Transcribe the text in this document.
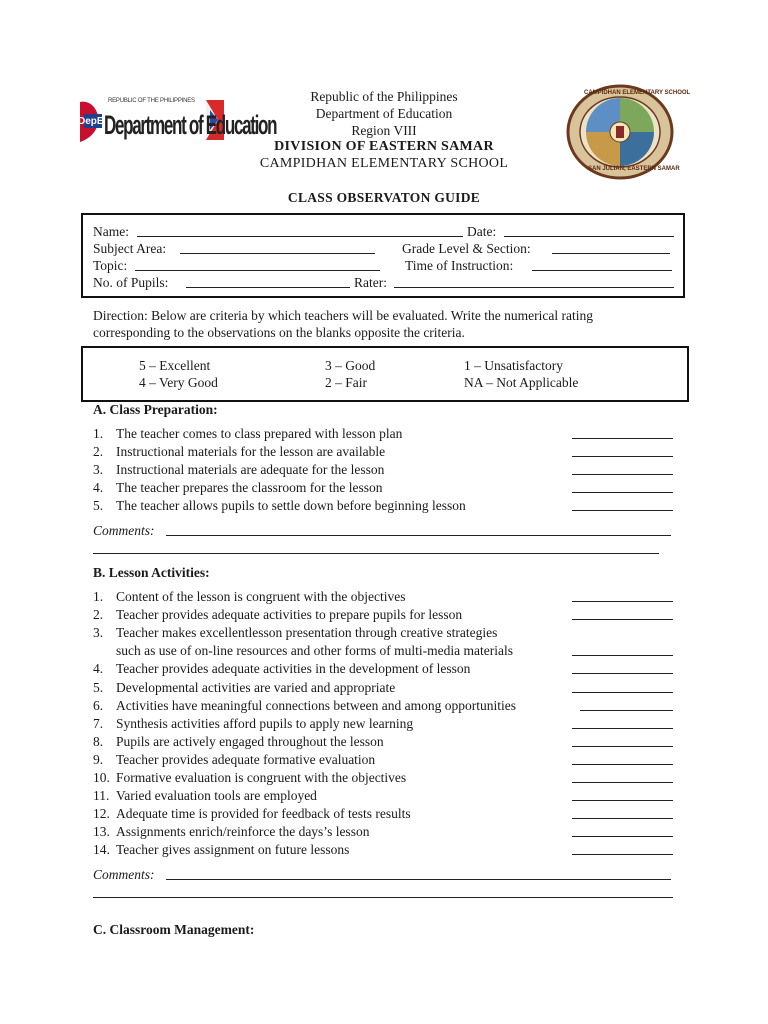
DepED
REPUBLIC OF THE PHILIPPINES
Department of Education
CAMPIDHAN ELEMENTARY SCHOOL
SAN JULIAN, EASTERN SAMAR
Republic of the Philippines
Department of Education
Region VIII
DIVISION OF EASTERN SAMAR
CAMPIDHAN ELEMENTARY SCHOOL
CLASS OBSERVATON GUIDE
Name:	Date:
Subject Area:	Grade Level & Section:
Topic:	Time of Instruction:
No. of Pupils:	Rater:
Direction: Below are criteria by which teachers will be evaluated. Write the numerical rating
corresponding to the observations on the blanks opposite the criteria.
5 – Excellent	3 – Good	1 – Unsatisfactory
4 – Very Good	2 – Fair	NA – Not Applicable
A. Class Preparation:
1. The teacher comes to class prepared with lesson plan
2. Instructional materials for the lesson are available
3. Instructional materials are adequate for the lesson
4. The teacher prepares the classroom for the lesson
5. The teacher allows pupils to settle down before beginning lesson
Comments:
B. Lesson Activities:
1. Content of the lesson is congruent with the objectives
2. Teacher provides adequate activities to prepare pupils for lesson
3. Teacher makes excellentlesson presentation through creative strategies
such as use of on-line resources and other forms of multi-media materials
4. Teacher provides adequate activities in the development of lesson
5. Developmental activities are varied and appropriate
6. Activities have meaningful connections between and among opportunities
7. Synthesis activities afford pupils to apply new learning
8. Pupils are actively engaged throughout the lesson
9. Teacher provides adequate formative evaluation
10. Formative evaluation is congruent with the objectives
11. Varied evaluation tools are employed
12. Adequate time is provided for feedback of tests results
13. Assignments enrich/reinforce the days’s lesson
14. Teacher gives assignment on future lessons
Comments:
C. Classroom Management:
